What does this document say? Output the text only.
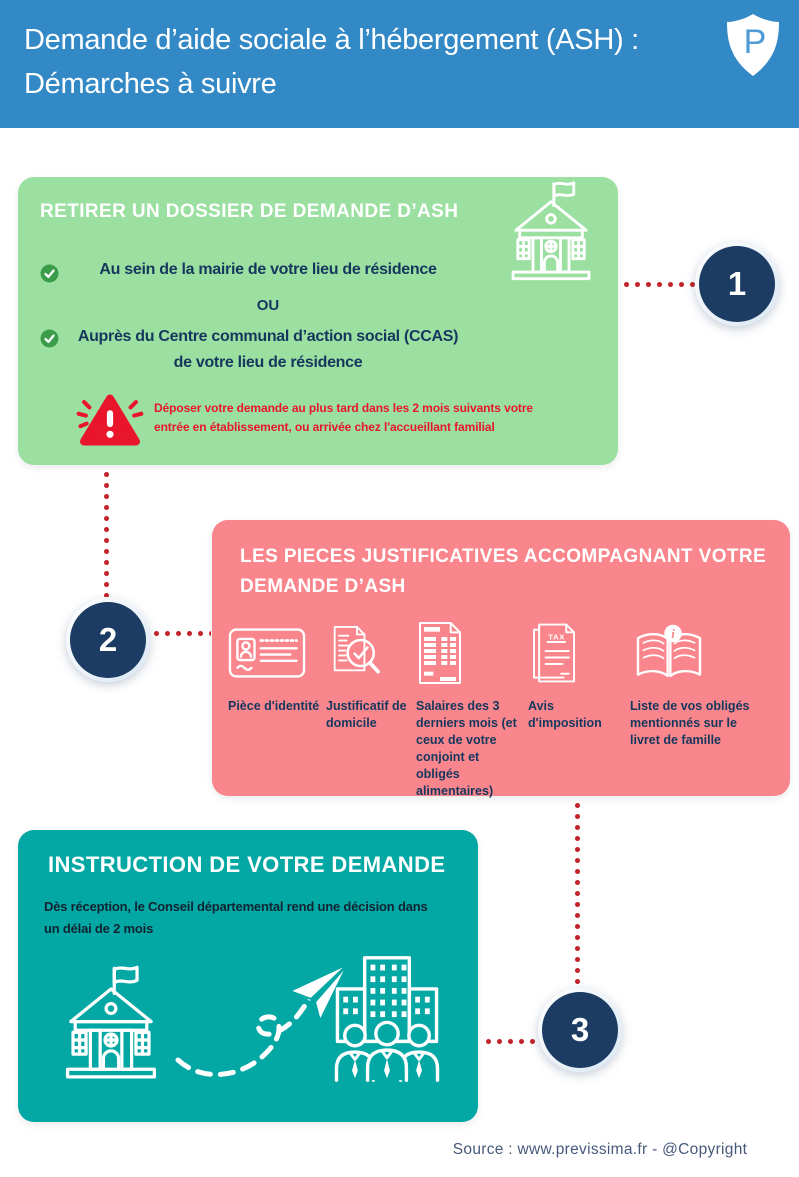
Demande d’aide sociale à l’hébergement (ASH) :
Démarches à suivre
P
RETIRER UN DOSSIER DE DEMANDE D’ASH
Au sein de la mairie de votre lieu de résidence
OU
Auprès du Centre communal d’action social (CCAS)
de votre lieu de résidence
Déposer votre demande au plus tard dans les 2 mois suivants votre
entrée en établissement, ou arrivée chez l'accueillant familial
LES PIECES JUSTIFICATIVES ACCOMPAGNANT VOTRE
DEMANDE D’ASH
Pièce d'identité Justificatif de domicile
Salaires des 3 derniers mois (et ceux de votre conjoint et obligés alimentaires)
TAX
Avis d'imposition
i
Liste de vos obligés mentionnés sur le livret de famille
INSTRUCTION DE VOTRE DEMANDE
Dès réception, le Conseil départemental rend une décision dans
un délai de 2 mois
1
2
3
Source : www.previssima.fr - @Copyright
